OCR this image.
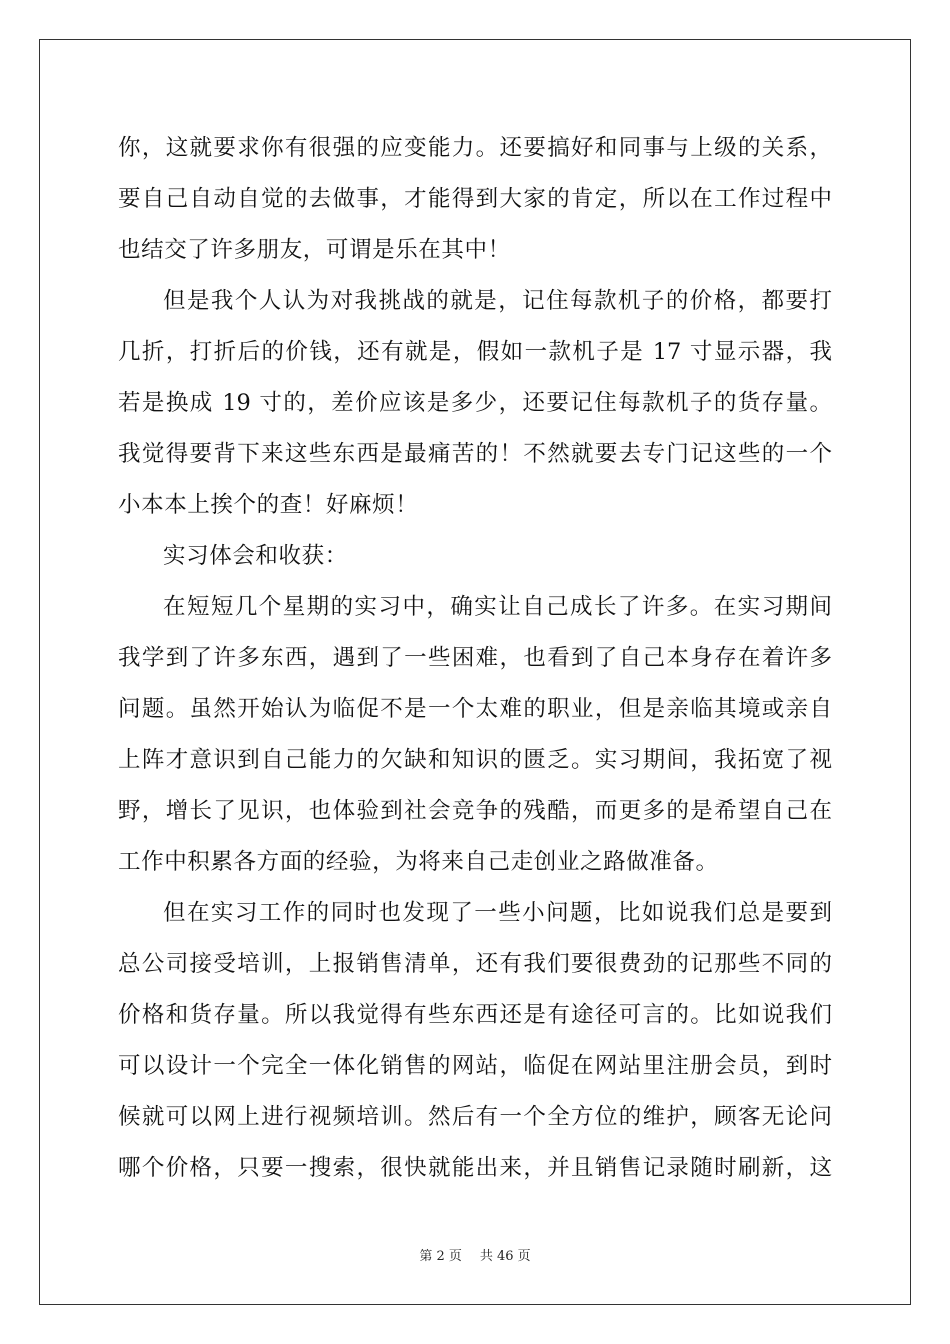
你，这就要求你有很强的应变能力。还要搞好和同事与上级的关系，
要自己自动自觉的去做事，才能得到大家的肯定，所以在工作过程中
也结交了许多朋友，可谓是乐在其中！
但是我个人认为对我挑战的就是，记住每款机子的价格，都要打
几折，打折后的价钱，还有就是，假如一款机子是 17 寸显示器，我
若是换成 19 寸的，差价应该是多少，还要记住每款机子的货存量。
我觉得要背下来这些东西是最痛苦的！不然就要去专门记这些的一个
小本本上挨个的查！好麻烦！
实习体会和收获：
在短短几个星期的实习中，确实让自己成长了许多。在实习期间
我学到了许多东西，遇到了一些困难，也看到了自己本身存在着许多
问题。虽然开始认为临促不是一个太难的职业，但是亲临其境或亲自
上阵才意识到自己能力的欠缺和知识的匮乏。实习期间，我拓宽了视
野，增长了见识，也体验到社会竞争的残酷，而更多的是希望自己在
工作中积累各方面的经验，为将来自己走创业之路做准备。
但在实习工作的同时也发现了一些小问题，比如说我们总是要到
总公司接受培训，上报销售清单，还有我们要很费劲的记那些不同的
价格和货存量。所以我觉得有些东西还是有途径可言的。比如说我们
可以设计一个完全一体化销售的网站，临促在网站里注册会员，到时
候就可以网上进行视频培训。然后有一个全方位的维护，顾客无论问
哪个价格，只要一搜索，很快就能出来，并且销售记录随时刷新，这
第 2 页 共 46 页
